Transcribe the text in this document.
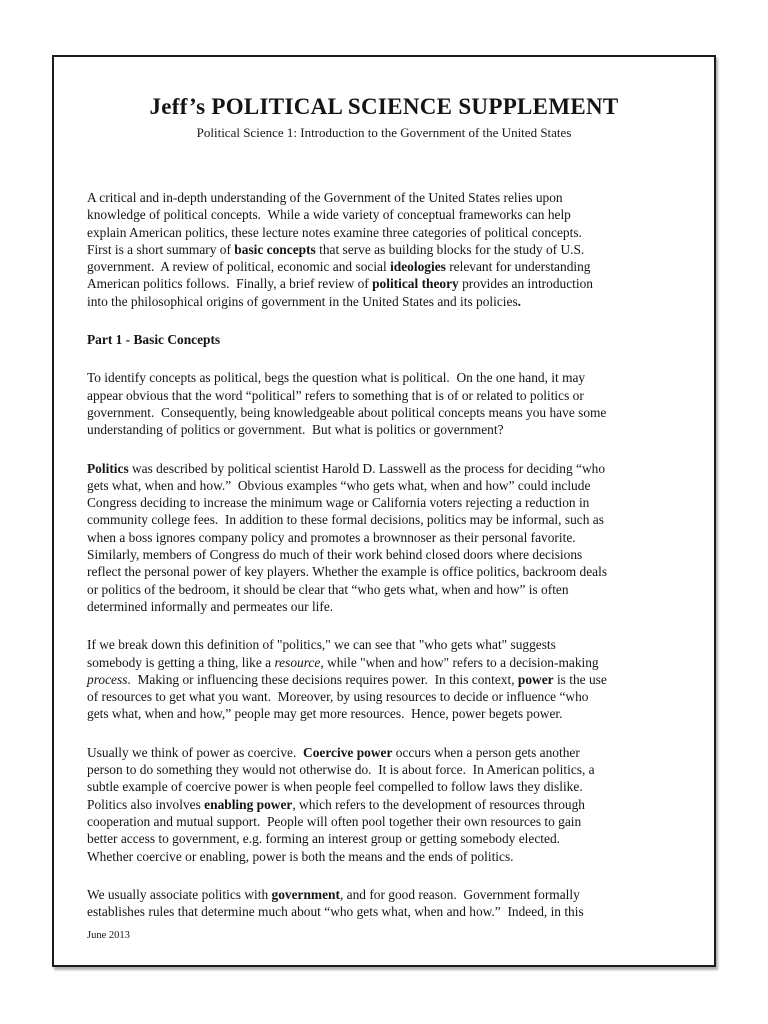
Jeff’s POLITICAL SCIENCE SUPPLEMENT
Political Science 1: Introduction to the Government of the United States
A critical and in-depth understanding of the Government of the United States relies upon
knowledge of political concepts.  While a wide variety of conceptual frameworks can help
explain American politics, these lecture notes examine three categories of political concepts.
First is a short summary of basic concepts that serve as building blocks for the study of U.S.
government.  A review of political, economic and social ideologies relevant for understanding
American politics follows.  Finally, a brief review of political theory provides an introduction
into the philosophical origins of government in the United States and its policies.
Part 1 - Basic Concepts
To identify concepts as political, begs the question what is political.  On the one hand, it may
appear obvious that the word “political” refers to something that is of or related to politics or
government.  Consequently, being knowledgeable about political concepts means you have some
understanding of politics or government.  But what is politics or government?
Politics was described by political scientist Harold D. Lasswell as the process for deciding “who
gets what, when and how.”  Obvious examples “who gets what, when and how” could include
Congress deciding to increase the minimum wage or California voters rejecting a reduction in
community college fees.  In addition to these formal decisions, politics may be informal, such as
when a boss ignores company policy and promotes a brownnoser as their personal favorite.
Similarly, members of Congress do much of their work behind closed doors where decisions
reflect the personal power of key players. Whether the example is office politics, backroom deals
or politics of the bedroom, it should be clear that “who gets what, when and how” is often
determined informally and permeates our life.
If we break down this definition of "politics," we can see that "who gets what" suggests
somebody is getting a thing, like a resource, while "when and how" refers to a decision-making
process.  Making or influencing these decisions requires power.  In this context, power is the use
of resources to get what you want.  Moreover, by using resources to decide or influence “who
gets what, when and how,” people may get more resources.  Hence, power begets power.
Usually we think of power as coercive.  Coercive power occurs when a person gets another
person to do something they would not otherwise do.  It is about force.  In American politics, a
subtle example of coercive power is when people feel compelled to follow laws they dislike.
Politics also involves enabling power, which refers to the development of resources through
cooperation and mutual support.  People will often pool together their own resources to gain
better access to government, e.g. forming an interest group or getting somebody elected.
Whether coercive or enabling, power is both the means and the ends of politics.
We usually associate politics with government, and for good reason.  Government formally
establishes rules that determine much about “who gets what, when and how.”  Indeed, in this
June 2013
